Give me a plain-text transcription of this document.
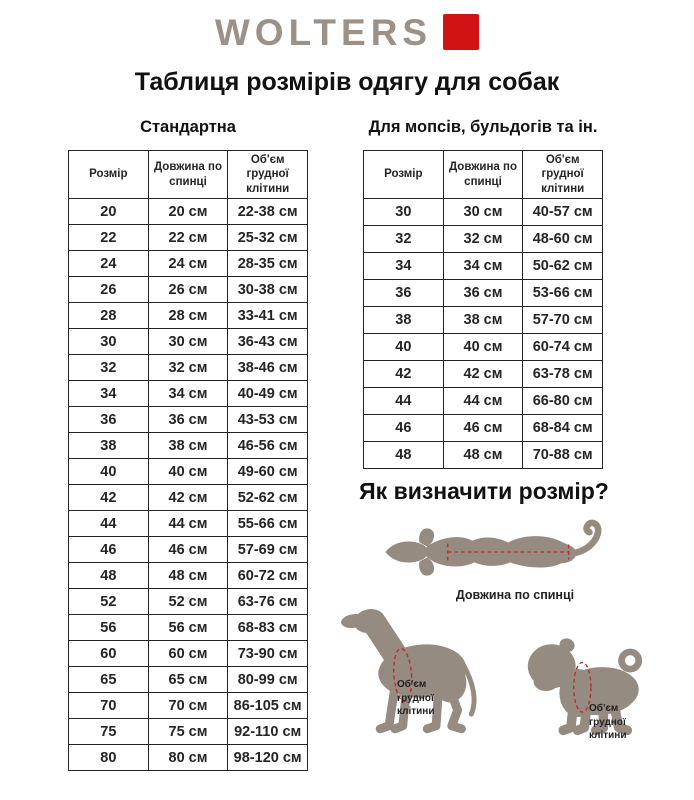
WOLTERS
Таблиця розмірів одягу для собак
Стандартна
Розмір	Довжина по спинці	Об'єм грудної клітини
20	20 см	22-38 см
22	22 см	25-32 см
24	24 см	28-35 см
26	26 см	30-38 см
28	28 см	33-41 см
30	30 см	36-43 см
32	32 см	38-46 см
34	34 см	40-49 см
36	36 см	43-53 см
38	38 см	46-56 см
40	40 см	49-60 см
42	42 см	52-62 см
44	44 см	55-66 см
46	46 см	57-69 см
48	48 см	60-72 см
52	52 см	63-76 см
56	56 см	68-83 см
60	60 см	73-90 см
65	65 см	80-99 см
70	70 см	86-105 см
75	75 см	92-110 см
80	80 см	98-120 см
Для мопсів, бульдогів та ін.
Розмір	Довжина по спинці	Об'єм грудної клітини
30	30 см	40-57 см
32	32 см	48-60 см
34	34 см	50-62 см
36	36 см	53-66 см
38	38 см	57-70 см
40	40 см	60-74 см
42	42 см	63-78 см
44	44 см	66-80 см
46	46 см	68-84 см
48	48 см	70-88 см
Як визначити розмір?
Довжина по спинці
Об'єм грудної клітини	Об'єм грудної клітини
